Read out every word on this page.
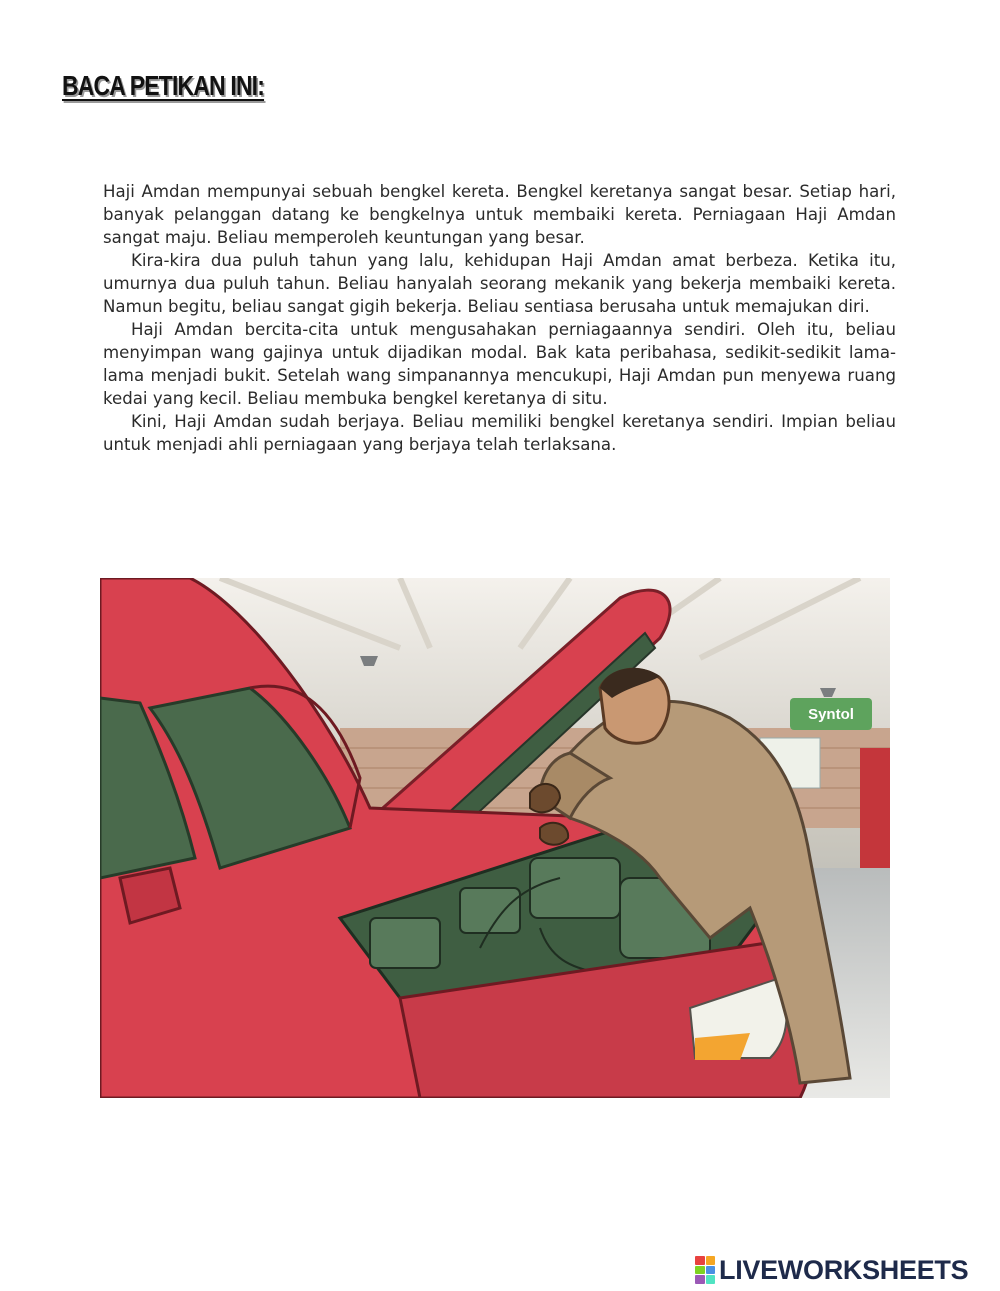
BACA PETIKAN INI:

Haji Amdan mempunyai sebuah bengkel kereta. Bengkel keretanya sangat besar. Setiap hari, banyak pelanggan datang ke bengkelnya untuk membaiki kereta. Perniagaan Haji Amdan sangat maju. Beliau memperoleh keuntungan yang besar.

Kira-kira dua puluh tahun yang lalu, kehidupan Haji Amdan amat berbeza. Ketika itu, umurnya dua puluh tahun. Beliau hanyalah seorang mekanik yang bekerja membaiki kereta. Namun begitu, beliau sangat gigih bekerja. Beliau sentiasa berusaha untuk memajukan diri.

Haji Amdan bercita-cita untuk mengusahakan perniagaannya sendiri. Oleh itu, beliau menyimpan wang gajinya untuk dijadikan modal. Bak kata peribahasa, sedikit-sedikit lama-lama menjadi bukit. Setelah wang simpanannya mencukupi, Haji Amdan pun menyewa ruang kedai yang kecil. Beliau membuka bengkel keretanya di situ.

Kini, Haji Amdan sudah berjaya. Beliau memiliki bengkel keretanya sendiri. Impian beliau untuk menjadi ahli perniagaan yang berjaya telah terlaksana.

Syntol
LIVEWORKSHEETS
